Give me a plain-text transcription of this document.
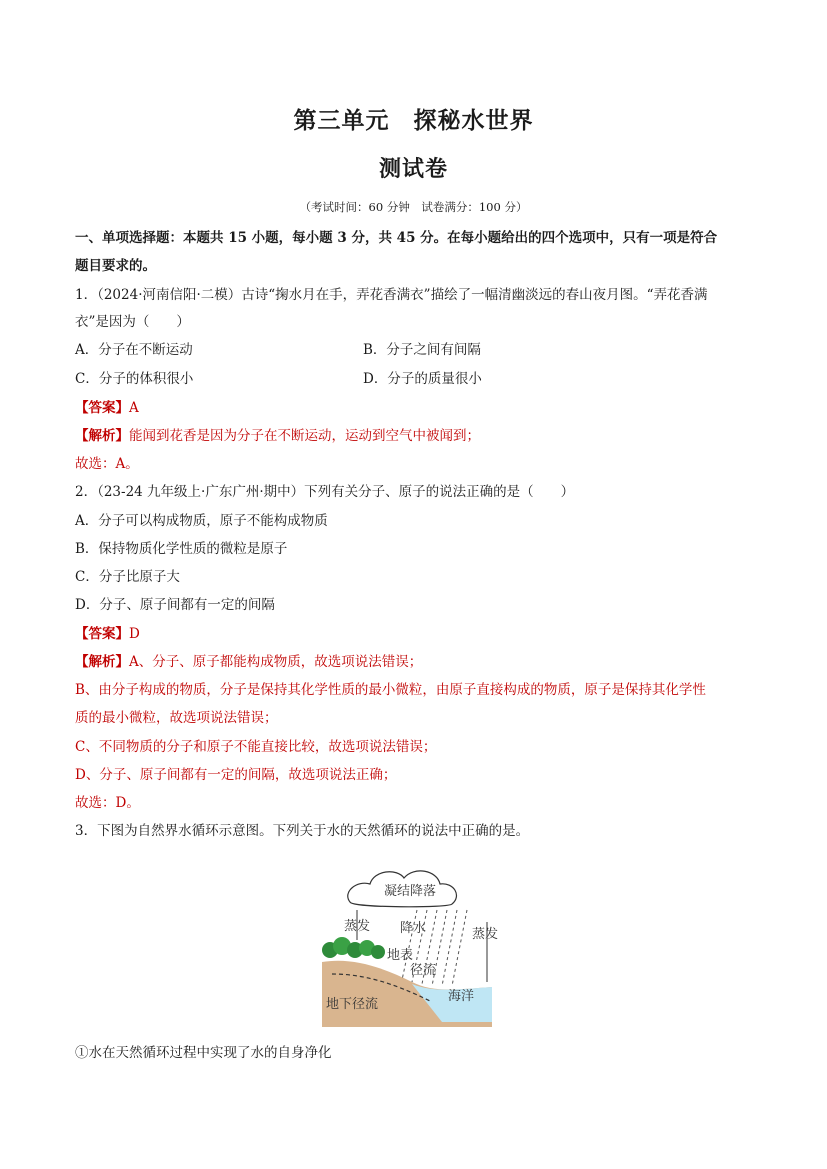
第三单元　探秘水世界
测试卷
（考试时间：60 分钟　试卷满分：100 分）
一、单项选择题：本题共 15 小题，每小题 3 分，共 45 分。在每小题给出的四个选项中，只有一项是符合
题目要求的。
1．（2024·河南信阳·二模）古诗“掬水月在手，弄花香满衣”描绘了一幅清幽淡远的春山夜月图。“弄花香满
衣”是因为（　　）
A．分子在不断运动	B．分子之间有间隔
C．分子的体积很小	D．分子的质量很小
【答案】A
【解析】能闻到花香是因为分子在不断运动，运动到空气中被闻到；
故选：A。
2．（23-24 九年级上·广东广州·期中）下列有关分子、原子的说法正确的是（　　）
A．分子可以构成物质，原子不能构成物质
B．保持物质化学性质的微粒是原子
C．分子比原子大
D．分子、原子间都有一定的间隔
【答案】D
【解析】A、分子、原子都能构成物质，故选项说法错误；
B、由分子构成的物质，分子是保持其化学性质的最小微粒，由原子直接构成的物质，原子是保持其化学性
质的最小微粒，故选项说法错误；
C、不同物质的分子和原子不能直接比较，故选项说法错误；
D、分子、原子间都有一定的间隔，故选项说法正确；
故选：D。
3．下图为自然界水循环示意图。下列关于水的天然循环的说法中正确的是。
凝结降落
蒸发 降水	蒸发
地表
径流
地下径流
海洋
①水在天然循环过程中实现了水的自身净化
